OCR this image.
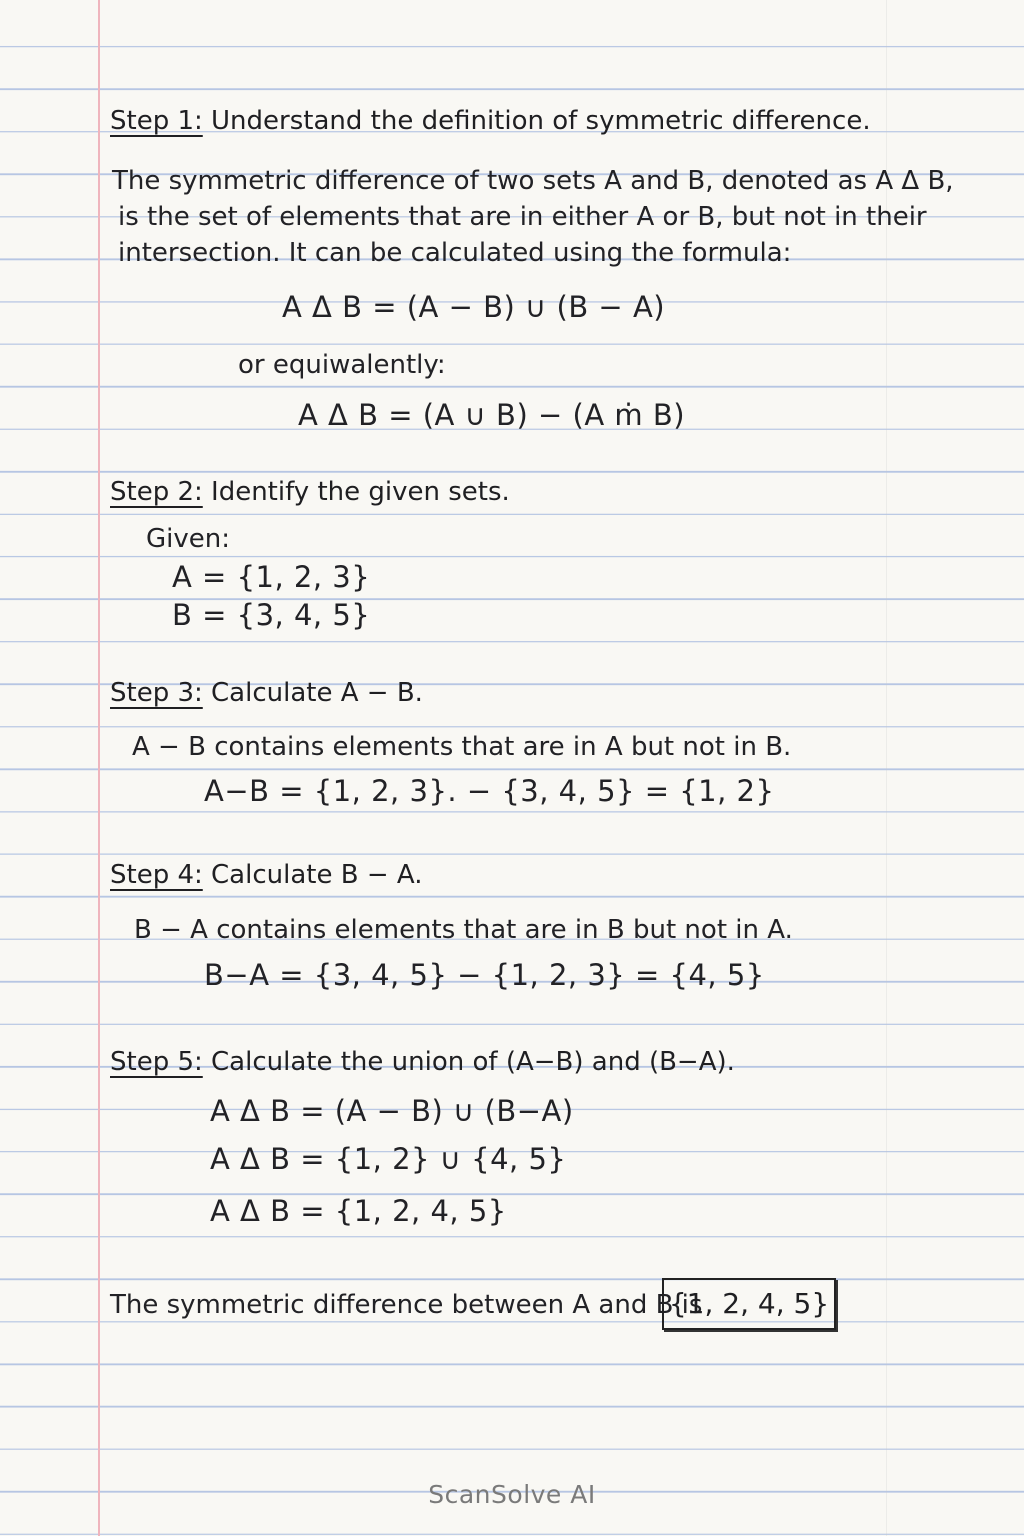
Step 1: Understand the definition of symmetric difference.
The symmetric difference of two sets A and B, denoted as A Δ B,
is the set of elements that are in either A or B, but not in their
intersection. It can be calculated using the formula:
A Δ B = (A − B) ∪ (B − A)
or equiwalently:
A Δ B = (A ∪ B) − (A ṁ B)
Step 2: Identify the given sets.
Given:
A = {1, 2, 3}
B = {3, 4, 5}
Step 3: Calculate A − B.
A − B contains elements that are in A but not in B.
A−B = {1, 2, 3}. − {3, 4, 5} = {1, 2}
Step 4: Calculate B − A.
B − A contains elements that are in B but not in A.
B−A = {3, 4, 5} − {1, 2, 3} = {4, 5}
Step 5: Calculate the union of (A−B) and (B−A).
A Δ B = (A − B) ∪ (B−A)
A Δ B = {1, 2} ∪ {4, 5}
A Δ B = {1, 2, 4, 5}
The symmetric difference between A and B is
{1, 2, 4, 5}
ScanSolve AI
